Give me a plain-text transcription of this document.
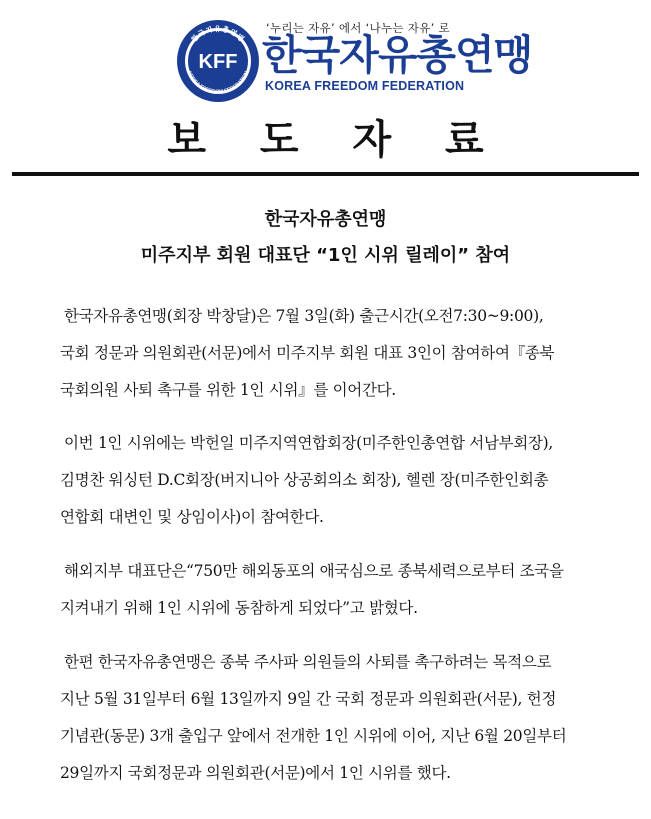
한국자유총연맹
KOREA FREEDOM FEDERATION
KFF
‘누리는 자유’ 에서 ‘나누는 자유’ 로
한국자유총연맹
KOREA FREEDOM FEDERATION
보 도 자 료
한국자유총연맹
미주지부 회원 대표단 “1인 시위 릴레이” 참여
한국자유총연맹(회장 박창달)은 7월 3일(화) 출근시간(오전7:30~9:00),
국회 정문과 의원회관(서문)에서 미주지부 회원 대표 3인이 참여하여『종북
국회의원 사퇴 촉구를 위한 1인 시위』를 이어간다.
이번 1인 시위에는 박헌일 미주지역연합회장(미주한인총연합 서남부회장),
김명찬 워싱턴 D.C회장(버지니아 상공회의소 회장), 헬렌 장(미주한인회총
연합회 대변인 및 상임이사)이 참여한다.
해외지부 대표단은“750만 해외동포의 애국심으로 종북세력으로부터 조국을
지켜내기 위해 1인 시위에 동참하게 되었다”고 밝혔다.
한편 한국자유총연맹은 종북 주사파 의원들의 사퇴를 촉구하려는 목적으로
지난 5월 31일부터 6월 13일까지 9일 간 국회 정문과 의원회관(서문), 헌정
기념관(동문) 3개 출입구 앞에서 전개한 1인 시위에 이어, 지난 6월 20일부터
29일까지 국회정문과 의원회관(서문)에서 1인 시위를 했다.
